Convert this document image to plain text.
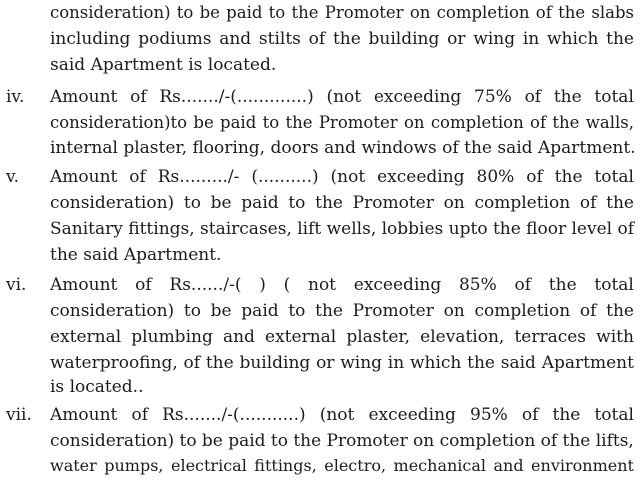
consideration) to be paid to the Promoter on completion of the slabs
including podiums and stilts of the building or wing in which the
said Apartment is located.
iv. Amount of Rs......./-(.............) (not exceeding 75% of the total
consideration)to be paid to the Promoter on completion of the walls,
internal plaster, flooring, doors and windows of the said Apartment.
v. Amount of Rs........./- (..........) (not exceeding 80% of the total
consideration) to be paid to the Promoter on completion of the
Sanitary fittings, staircases, lift wells, lobbies upto the floor level of
the said Apartment.
vi. Amount of Rs....../-( ) ( not exceeding 85% of the total
consideration) to be paid to the Promoter on completion of the
external plumbing and external plaster, elevation, terraces with
waterproofing, of the building or wing in which the said Apartment
is located..
vii. Amount of Rs......./-(...........) (not exceeding 95% of the total
consideration) to be paid to the Promoter on completion of the lifts,
water pumps, electrical fittings, electro, mechanical and environment
